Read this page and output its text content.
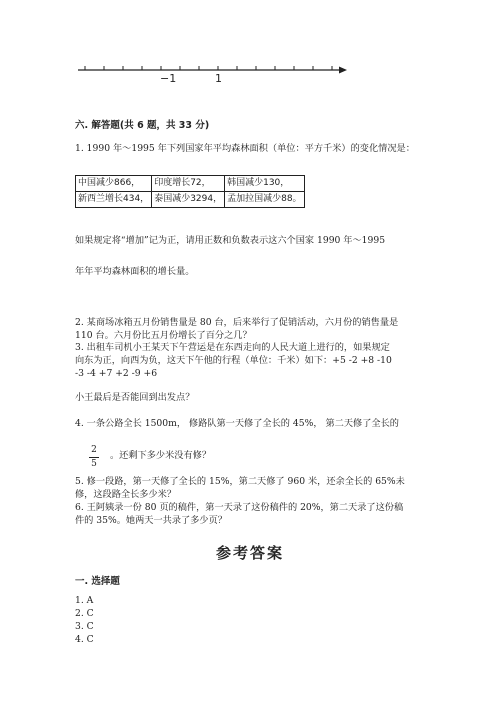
−1	1
六. 解答题(共 6 题，共 33 分)
1. 1990 年～1995 年下列国家年平均森林面积（单位：平方千米）的变化情况是：
中国减少866，	印度增长72，	韩国减少130，
新西兰增长434，	泰国减少3294，	孟加拉国减少88。
如果规定将“增加”记为正，请用正数和负数表示这六个国家 1990 年～1995
年年平均森林面积的增长量。
2. 某商场冰箱五月份销售量是 80 台，后来举行了促销活动，六月份的销售量是
110 台。六月份比五月份增长了百分之几？
3. 出租车司机小王某天下午营运是在东西走向的人民大道上进行的，如果规定
向东为正，向西为负，这天下午他的行程（单位：千米）如下：+5 -2 +8 -10
-3 -4 +7 +2 -9 +6
小王最后是否能回到出发点？
4. 一条公路全长 1500m， 修路队第一天修了全长的 45%， 第二天修了全长的
2
5
。还剩下多少米没有修？
5. 修一段路，第一天修了全长的 15%，第二天修了 960 米，还余全长的 65%未
修，这段路全长多少米？
6. 王阿姨录一份 80 页的稿件，第一天录了这份稿件的 20%，第二天录了这份稿
件的 35%。她两天一共录了多少页？
参考答案
一. 选择题
1. A
2. C
3. C
4. C
